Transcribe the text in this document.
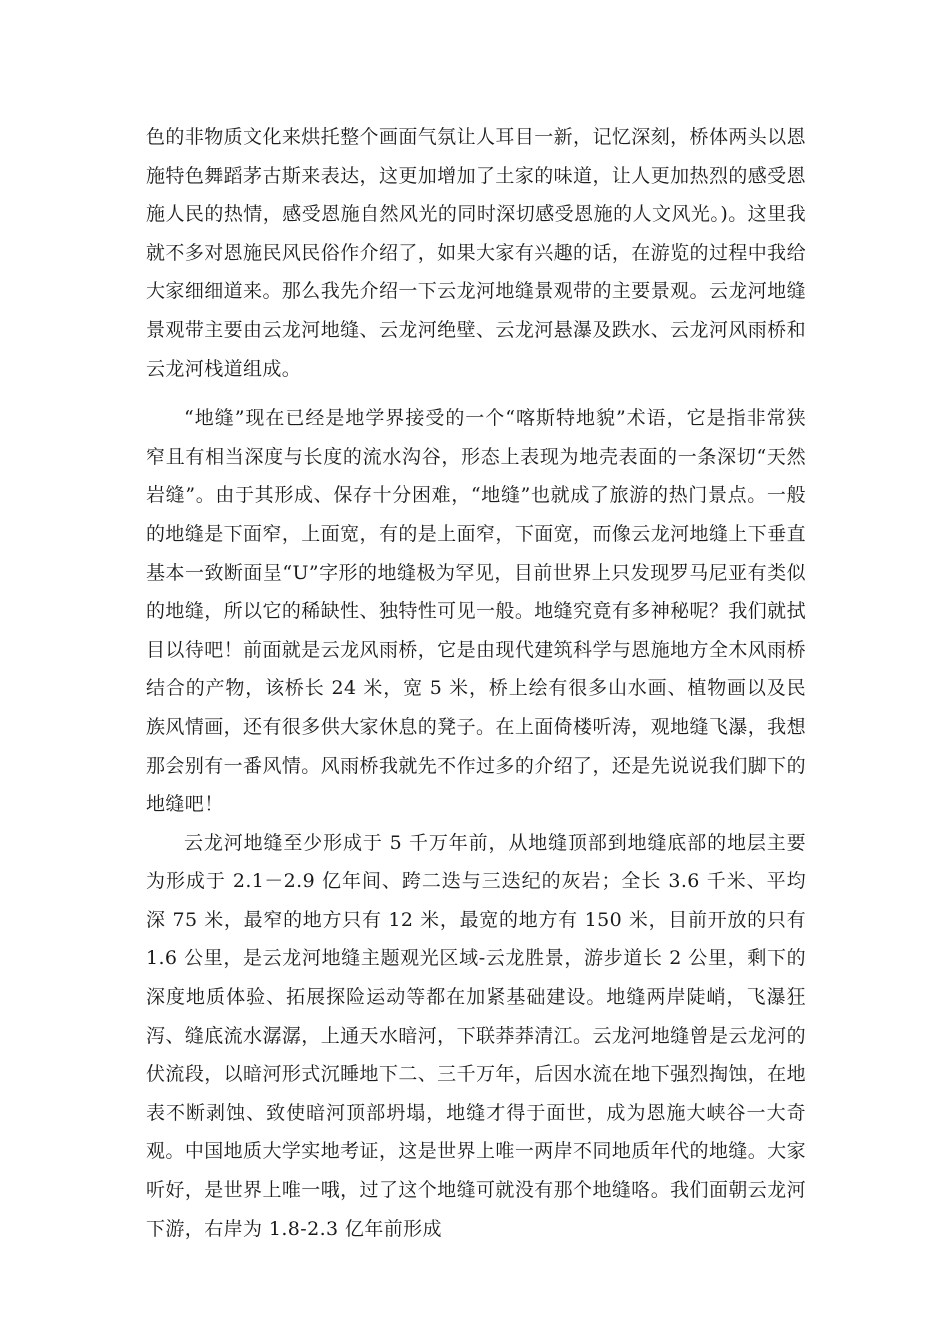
色的非物质文化来烘托整个画面气氛让人耳目一新，记忆深刻，桥体两头以恩施特色舞蹈茅古斯来表达，这更加增加了土家的味道，让人更加热烈的感受恩施人民的热情，感受恩施自然风光的同时深切感受恩施的人文风光。)。这里我就不多对恩施民风民俗作介绍了，如果大家有兴趣的话，在游览的过程中我给大家细细道来。那么我先介绍一下云龙河地缝景观带的主要景观。云龙河地缝景观带主要由云龙河地缝、云龙河绝壁、云龙河悬瀑及跌水、云龙河风雨桥和云龙河栈道组成。

“地缝”现在已经是地学界接受的一个“喀斯特地貌”术语，它是指非常狭窄且有相当深度与长度的流水沟谷，形态上表现为地壳表面的一条深切“天然岩缝”。由于其形成、保存十分困难，“地缝”也就成了旅游的热门景点。一般的地缝是下面窄，上面宽，有的是上面窄，下面宽，而像云龙河地缝上下垂直基本一致断面呈“U”字形的地缝极为罕见，目前世界上只发现罗马尼亚有类似的地缝，所以它的稀缺性、独特性可见一般。地缝究竟有多神秘呢？我们就拭目以待吧！前面就是云龙风雨桥，它是由现代建筑科学与恩施地方全木风雨桥结合的产物，该桥长 24 米，宽 5 米，桥上绘有很多山水画、植物画以及民族风情画，还有很多供大家休息的凳子。在上面倚楼听涛，观地缝飞瀑，我想那会别有一番风情。风雨桥我就先不作过多的介绍了，还是先说说我们脚下的地缝吧！

云龙河地缝至少形成于 5 千万年前，从地缝顶部到地缝底部的地层主要为形成于 2.1－2.9 亿年间、跨二迭与三迭纪的灰岩；全长 3.6 千米、平均深 75 米，最窄的地方只有 12 米，最宽的地方有 150 米，目前开放的只有 1.6 公里，是云龙河地缝主题观光区域-云龙胜景，游步道长 2 公里，剩下的深度地质体验、拓展探险运动等都在加紧基础建设。地缝两岸陡峭，飞瀑狂泻、缝底流水潺潺，上通天水暗河，下联莽莽清江。云龙河地缝曾是云龙河的伏流段，以暗河形式沉睡地下二、三千万年，后因水流在地下强烈掏蚀，在地表不断剥蚀、致使暗河顶部坍塌，地缝才得于面世，成为恩施大峡谷一大奇观。中国地质大学实地考证，这是世界上唯一两岸不同地质年代的地缝。大家听好，是世界上唯一哦，过了这个地缝可就没有那个地缝咯。我们面朝云龙河下游，右岸为 1.8-2.3 亿年前形成
